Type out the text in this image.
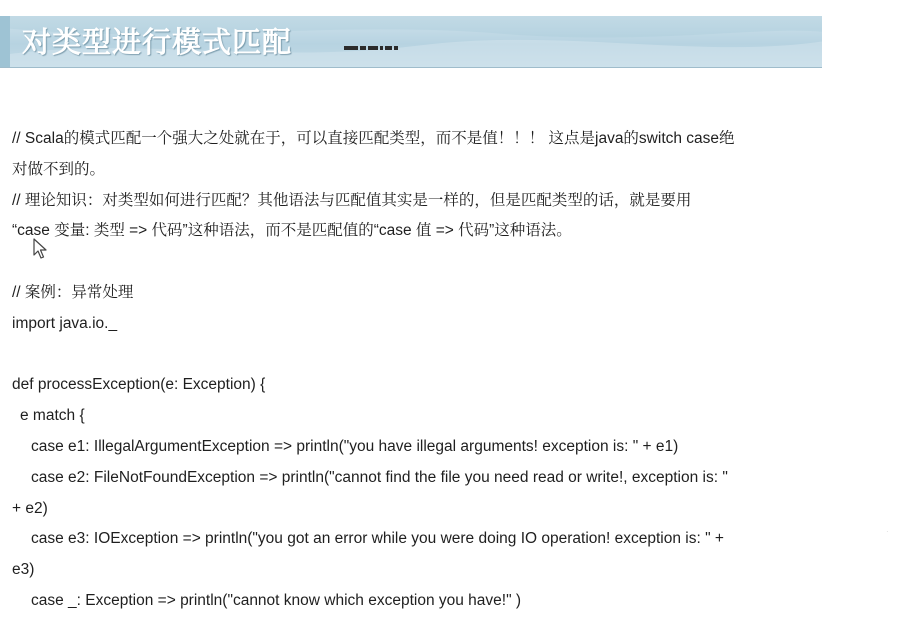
对类型进行模式匹配
// Scala的模式匹配一个强大之处就在于，可以直接匹配类型，而不是值！！！ 这点是java的switch case绝
对做不到的。
// 理论知识：对类型如何进行匹配？其他语法与匹配值其实是一样的，但是匹配类型的话，就是要用
“case 变量: 类型 => 代码”这种语法，而不是匹配值的“case 值 => 代码”这种语法。
// 案例：异常处理
import java.io._
def processException(e: Exception) {
e match {
case e1: IllegalArgumentException => println("you have illegal arguments! exception is: " + e1)
case e2: FileNotFoundException => println("cannot find the file you need read or write!, exception is: "
+ e2)
case e3: IOException => println("you got an error while you were doing IO operation! exception is: " +
e3)
case _: Exception => println("cannot know which exception you have!" )
·
